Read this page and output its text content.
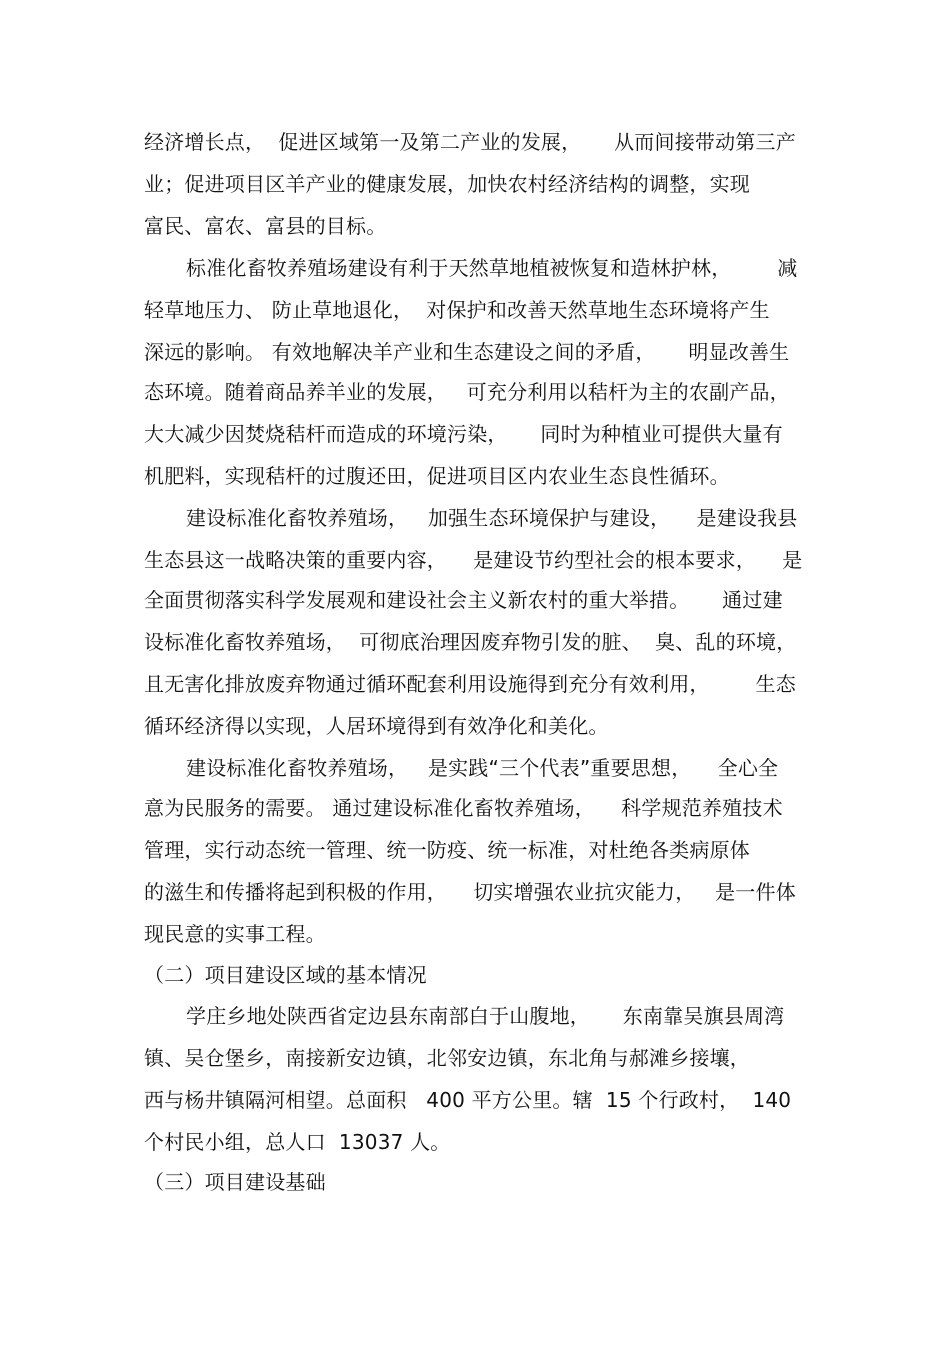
经济增长点，  促进区域第一及第二产业的发展，     从而间接带动第三产
业；促进项目区羊产业的健康发展，加快农村经济结构的调整，实现
富民、富农、富县的目标。
标准化畜牧养殖场建设有利于天然草地植被恢复和造林护林，       减
轻草地压力、 防止草地退化，  对保护和改善天然草地生态环境将产生
深远的影响。 有效地解决羊产业和生态建设之间的矛盾，     明显改善生
态环境。随着商品养羊业的发展，   可充分利用以秸杆为主的农副产品，
大大减少因焚烧秸杆而造成的环境污染，     同时为种植业可提供大量有
机肥料，实现秸杆的过腹还田，促进项目区内农业生态良性循环。
建设标准化畜牧养殖场，   加强生态环境保护与建设，    是建设我县
生态县这一战略决策的重要内容，    是建设节约型社会的根本要求，    是
全面贯彻落实科学发展观和建设社会主义新农村的重大举措。     通过建
设标准化畜牧养殖场，  可彻底治理因废弃物引发的脏、  臭、乱的环境，
且无害化排放废弃物通过循环配套利用设施得到充分有效利用，       生态
循环经济得以实现，人居环境得到有效净化和美化。
建设标准化畜牧养殖场，   是实践“三个代表”重要思想，    全心全
意为民服务的需要。 通过建设标准化畜牧养殖场，    科学规范养殖技术
管理，实行动态统一管理、统一防疫、统一标准，对杜绝各类病原体
的滋生和传播将起到积极的作用，    切实增强农业抗灾能力，   是一件体
现民意的实事工程。
（二）项目建设区域的基本情况
学庄乡地处陕西省定边县东南部白于山腹地，     东南靠吴旗县周湾
镇、吴仓堡乡，南接新安边镇，北邻安边镇，东北角与郝滩乡接壤，
西与杨井镇隔河相望。总面积   400 平方公里。辖  15 个行政村，  140
个村民小组，总人口  13037 人。
（三）项目建设基础
